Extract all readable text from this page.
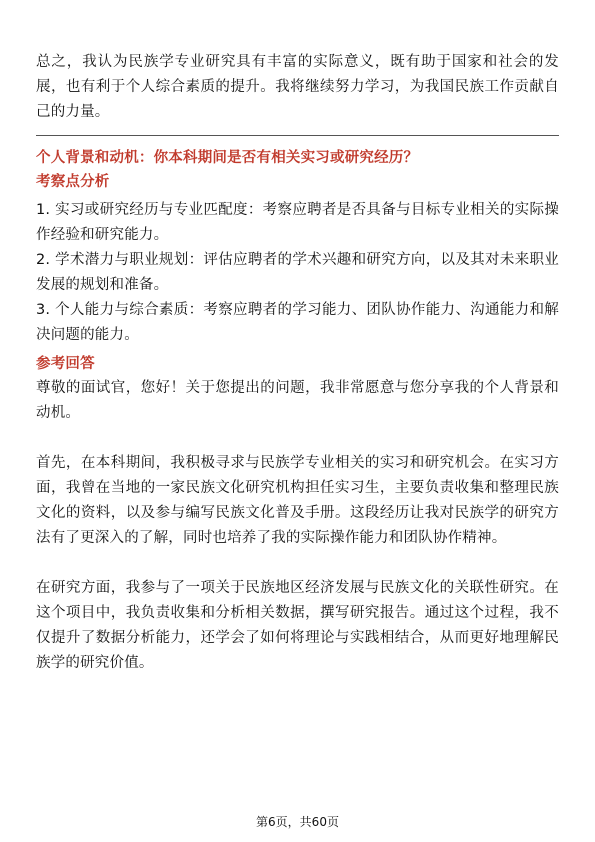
总之，我认为民族学专业研究具有丰富的实际意义，既有助于国家和社会的发展，也有利于个人综合素质的提升。我将继续努力学习，为我国民族工作贡献自己的力量。

个人背景和动机：你本科期间是否有相关实习或研究经历？

考察点分析

1. 实习或研究经历与专业匹配度：考察应聘者是否具备与目标专业相关的实际操作经验和研究能力。

2. 学术潜力与职业规划：评估应聘者的学术兴趣和研究方向，以及其对未来职业发展的规划和准备。

3. 个人能力与综合素质：考察应聘者的学习能力、团队协作能力、沟通能力和解决问题的能力。

参考回答

尊敬的面试官，您好！关于您提出的问题，我非常愿意与您分享我的个人背景和动机。

首先，在本科期间，我积极寻求与民族学专业相关的实习和研究机会。在实习方面，我曾在当地的一家民族文化研究机构担任实习生，主要负责收集和整理民族文化的资料，以及参与编写民族文化普及手册。这段经历让我对民族学的研究方法有了更深入的了解，同时也培养了我的实际操作能力和团队协作精神。

在研究方面，我参与了一项关于民族地区经济发展与民族文化的关联性研究。在这个项目中，我负责收集和分析相关数据，撰写研究报告。通过这个过程，我不仅提升了数据分析能力，还学会了如何将理论与实践相结合，从而更好地理解民族学的研究价值。

第6页，共60页
